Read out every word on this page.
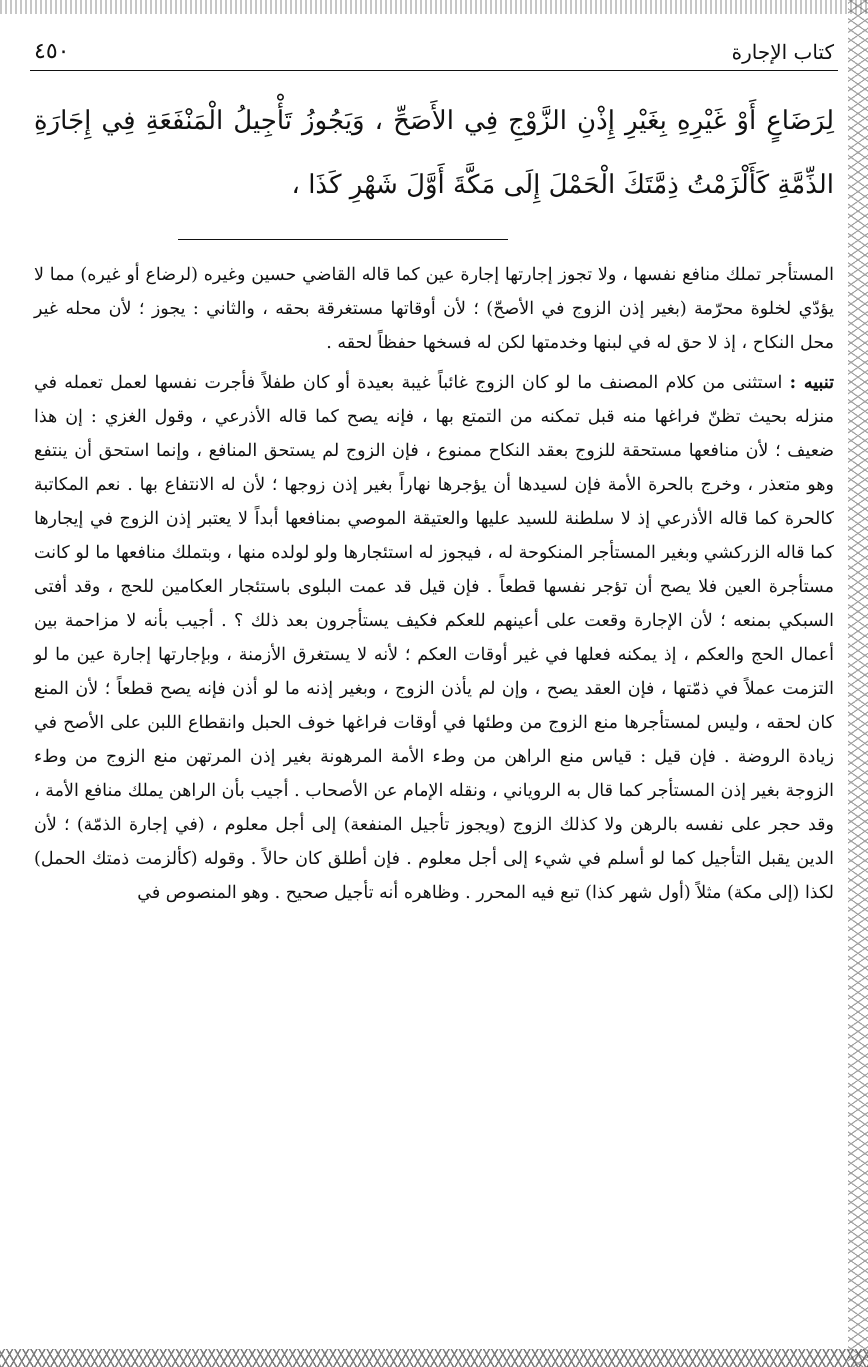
كتاب الإجارة
٤٥٠
لِرَضَاعٍ أَوْ غَيْرِهِ بِغَيْرِ إِذْنِ الزَّوْجِ فِي الأَصَحِّ ، وَيَجُوزُ تَأْجِيلُ الْمَنْفَعَةِ فِي إِجَارَةِ الذِّمَّةِ كَأَلْزَمْتُ ذِمَّتَكَ الْحَمْلَ إِلَى مَكَّةَ أَوَّلَ شَهْرِ كَذَا ،

المستأجر تملك منافع نفسها ، ولا تجوز إجارتها إجارة عين كما قاله القاضي حسين وغيره (لرضاع أو غيره) مما لا يؤدّي لخلوة محرّمة (بغير إذن الزوج في الأصحّ) ؛ لأن أوقاتها مستغرقة بحقه ، والثاني : يجوز ؛ لأن محله غير محل النكاح ، إذ لا حق له في لبنها وخدمتها لكن له فسخها حفظاً لحقه .

تنبيه : استثنى من كلام المصنف ما لو كان الزوج غائباً غيبة بعيدة أو كان طفلاً فأجرت نفسها لعمل تعمله في منزله بحيث تظنّ فراغها منه قبل تمكنه من التمتع بها ، فإنه يصح كما قاله الأذرعي ، وقول الغزي : إن هذا ضعيف ؛ لأن منافعها مستحقة للزوج بعقد النكاح ممنوع ، فإن الزوج لم يستحق المنافع ، وإنما استحق أن ينتفع وهو متعذر ، وخرج بالحرة الأمة فإن لسيدها أن يؤجرها نهاراً بغير إذن زوجها ؛ لأن له الانتفاع بها . نعم المكاتبة كالحرة كما قاله الأذرعي إذ لا سلطنة للسيد عليها والعتيقة الموصي بمنافعها أبداً لا يعتبر إذن الزوج في إيجارها كما قاله الزركشي وبغير المستأجر المنكوحة له ، فيجوز له استئجارها ولو لولده منها ، وبتملك منافعها ما لو كانت مستأجرة العين فلا يصح أن تؤجر نفسها قطعاً . فإن قيل قد عمت البلوى باستئجار العكامين للحج ، وقد أفتى السبكي بمنعه ؛ لأن الإجارة وقعت على أعينهم للعكم فكيف يستأجرون بعد ذلك ؟ . أجيب بأنه لا مزاحمة بين أعمال الحج والعكم ، إذ يمكنه فعلها في غير أوقات العكم ؛ لأنه لا يستغرق الأزمنة ، وبإجارتها إجارة عين ما لو التزمت عملاً في ذمّتها ، فإن العقد يصح ، وإن لم يأذن الزوج ، وبغير إذنه ما لو أذن فإنه يصح قطعاً ؛ لأن المنع كان لحقه ، وليس لمستأجرها منع الزوج من وطئها في أوقات فراغها خوف الحبل وانقطاع اللبن على الأصح في زيادة الروضة . فإن قيل : قياس منع الراهن من وطء الأمة المرهونة بغير إذن المرتهن منع الزوج من وطء الزوجة بغير إذن المستأجر كما قال به الروياني ، ونقله الإمام عن الأصحاب . أجيب بأن الراهن يملك منافع الأمة ، وقد حجر على نفسه بالرهن ولا كذلك الزوج (ويجوز تأجيل المنفعة) إلى أجل معلوم ، (في إجارة الذمّة) ؛ لأن الدين يقبل التأجيل كما لو أسلم في شيء إلى أجل معلوم . فإن أطلق كان حالاً . وقوله (كألزمت ذمتك الحمل) لكذا (إلى مكة) مثلاً (أول شهر كذا) تبع فيه المحرر . وظاهره أنه تأجيل صحيح . وهو المنصوص في
